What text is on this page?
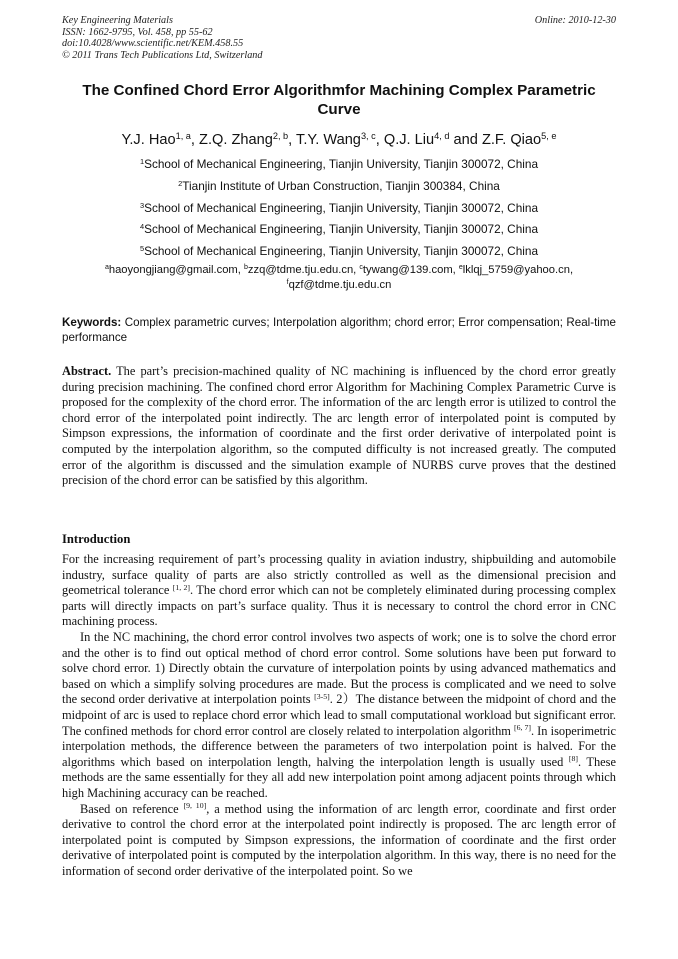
Key Engineering Materials
ISSN: 1662-9795, Vol. 458, pp 55-62
doi:10.4028/www.scientific.net/KEM.458.55
© 2011 Trans Tech Publications Ltd, Switzerland
Online: 2010-12-30
The Confined Chord Error Algorithmfor Machining Complex Parametric Curve
Y.J. Hao$^{1, a}$, Z.Q. Zhang$^{2, b}$, T.Y. Wang$^{3, c}$, Q.J. Liu$^{4, d}$ and Z.F. Qiao$^{5, e}$
$^1$School of Mechanical Engineering, Tianjin University, Tianjin 300072, China
$^2$Tianjin Institute of Urban Construction, Tianjin 300384, China
$^3$School of Mechanical Engineering, Tianjin University, Tianjin 300072, China
$^4$School of Mechanical Engineering, Tianjin University, Tianjin 300072, China
$^5$School of Mechanical Engineering, Tianjin University, Tianjin 300072, China
$^a$haoyongjiang@gmail.com, $^b$zzq@tdme.tju.edu.cn, $^c$tywang@139.com, $^e$lklqj_5759@yahoo.cn,
$^f$qzf@tdme.tju.edu.cn
Keywords: Complex parametric curves; Interpolation algorithm; chord error; Error compensation; Real-time performance
Abstract. The part’s precision-machined quality of NC machining is influenced by the chord error greatly during precision machining. The confined chord error Algorithm for Machining Complex Parametric Curve is proposed for the complexity of the chord error. The information of the arc length error is utilized to control the chord error of the interpolated point indirectly. The arc length error of interpolated point is computed by Simpson expressions, the information of coordinate and the first order derivative of interpolated point is computed by the interpolation algorithm, so the computed difficulty is not increased greatly. The computed error of the algorithm is discussed and the simulation example of NURBS curve proves that the destined precision of the chord error can be satisfied by this algorithm.
Introduction

For the increasing requirement of part’s processing quality in aviation industry, shipbuilding and automobile industry, surface quality of parts are also strictly controlled as well as the dimensional precision and geometrical tolerance [1, 2]. The chord error which can not be completely eliminated during processing complex parts will directly impacts on part’s surface quality. Thus it is necessary to control the chord error in CNC machining process.

In the NC machining, the chord error control involves two aspects of work; one is to solve the chord error and the other is to find out optical method of chord error control. Some solutions have been put forward to solve chord error. 1) Directly obtain the curvature of interpolation points by using advanced mathematics and based on which a simplify solving procedures are made. But the process is complicated and we need to solve the second order derivative at interpolation points [3-5]. 2）The distance between the midpoint of chord and the midpoint of arc is used to replace chord error which lead to small computational workload but significant error. The confined methods for chord error control are closely related to interpolation algorithm [6, 7]. In isoperimetric interpolation methods, the difference between the parameters of two interpolation point is halved. For the algorithms which based on interpolation length, halving the interpolation length is usually used [8]. These methods are the same essentially for they all add new interpolation point among adjacent points through which high Machining accuracy can be reached.

Based on reference [9, 10], a method using the information of arc length error, coordinate and first order derivative to control the chord error at the interpolated point indirectly is proposed. The arc length error of interpolated point is computed by Simpson expressions, the information of coordinate and the first order derivative of interpolated point is computed by the interpolation algorithm. In this way, there is no need for the information of second order derivative of the interpolated point. So we
